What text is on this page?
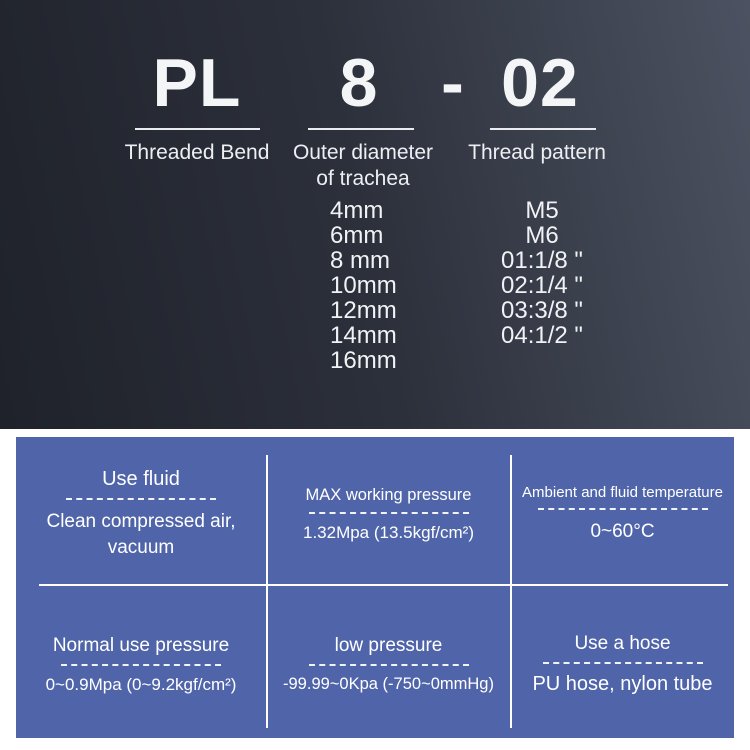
PL 8 - 02
Threaded Bend Outer diameter
of trachea
Thread pattern
4mm
6mm
8 mm
10mm
12mm
14mm
16mm
M5
M6
01:1/8 "
02:1/4 "
03:3/8 "
04:1/2 "
Use fluid
Clean compressed air, vacuum
MAX working pressure
1.32Mpa (13.5kgf/cm²)
Ambient and fluid temperature
0~60°C
Normal use pressure
0~0.9Mpa (0~9.2kgf/cm²)
low pressure
-99.99~0Kpa (-750~0mmHg)
Use a hose
PU hose, nylon tube
